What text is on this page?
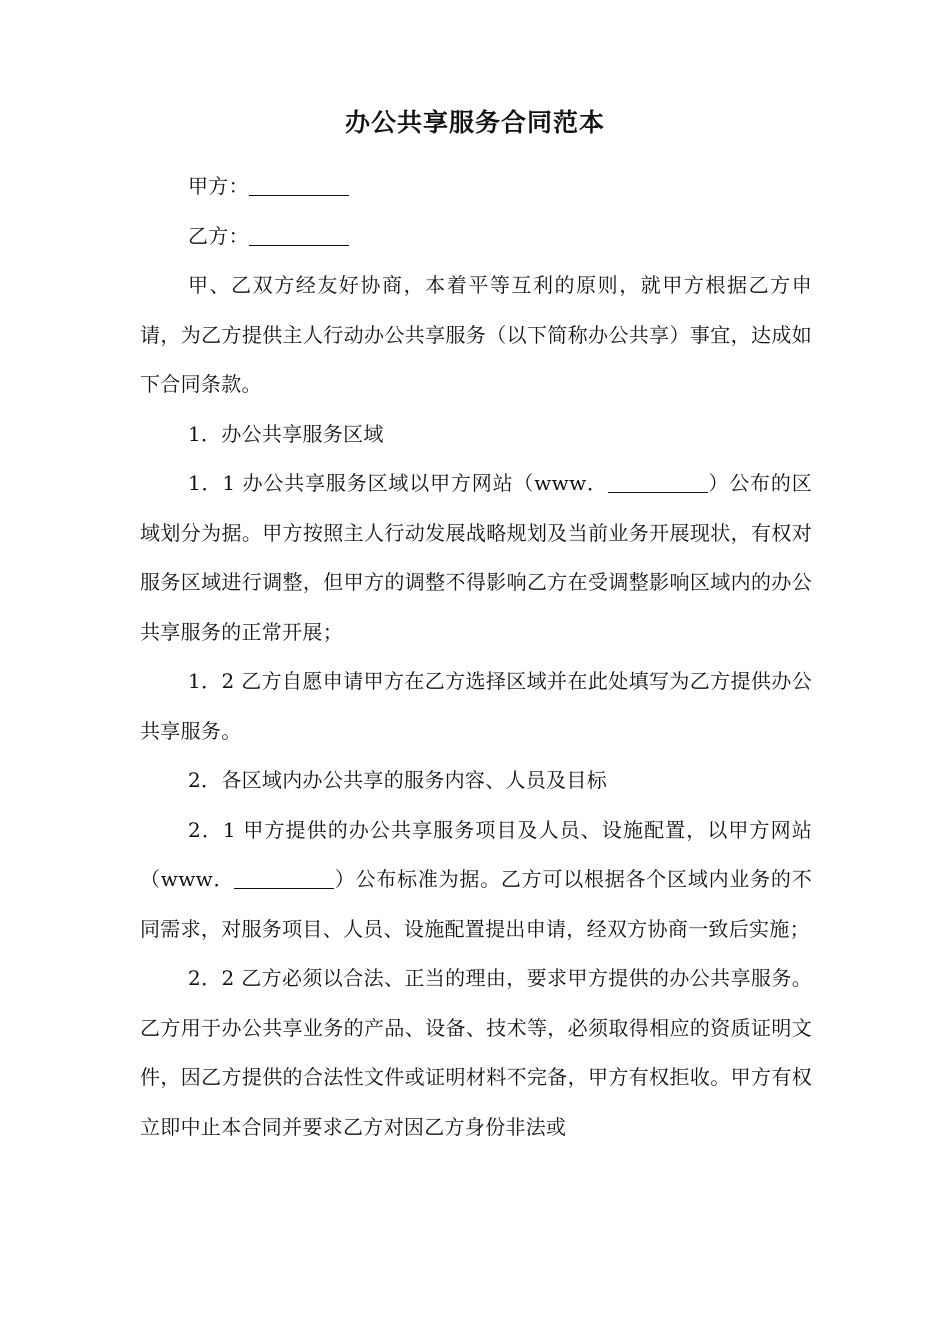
办公共享服务合同范本

甲方：

乙方：

甲、乙双方经友好协商，本着平等互利的原则，就甲方根据乙方申请，为乙方提供主人行动办公共享服务（以下简称办公共享）事宜，达成如下合同条款。

1．办公共享服务区域

1．1 办公共享服务区域以甲方网站（www．	）公布的区域划分为据。甲方按照主人行动发展战略规划及当前业务开展现状，有权对服务区域进行调整，但甲方的调整不得影响乙方在受调整影响区域内的办公共享服务的正常开展；

1．2 乙方自愿申请甲方在乙方选择区域并在此处填写为乙方提供办公共享服务。

2．各区域内办公共享的服务内容、人员及目标

2．1 甲方提供的办公共享服务项目及人员、设施配置，以甲方网站（www．	）公布标准为据。乙方可以根据各个区域内业务的不同需求，对服务项目、人员、设施配置提出申请，经双方协商一致后实施；

2．2 乙方必须以合法、正当的理由，要求甲方提供的办公共享服务。乙方用于办公共享业务的产品、设备、技术等，必须取得相应的资质证明文件，因乙方提供的合法性文件或证明材料不完备，甲方有权拒收。甲方有权立即中止本合同并要求乙方对因乙方身份非法或
